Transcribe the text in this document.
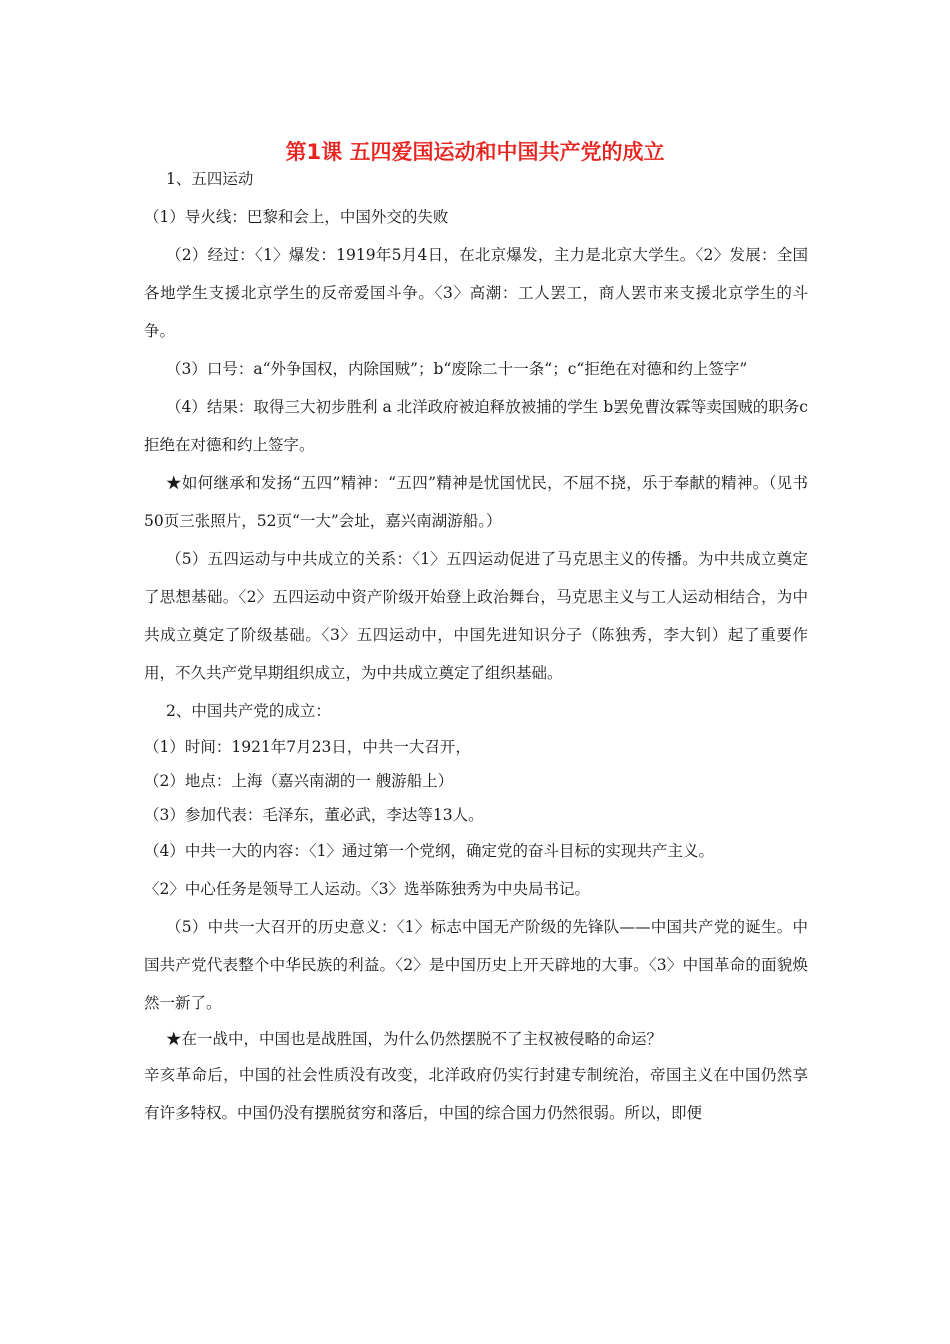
第1课 五四爱国运动和中国共产党的成立

1、五四运动

（1）导火线：巴黎和会上，中国外交的失败

（2）经过：〈1〉爆发：1919年5月4日，在北京爆发，主力是北京大学生。〈2〉发展：全国各地学生支援北京学生的反帝爱国斗争。〈3〉高潮：工人罢工，商人罢市来支援北京学生的斗争。

（3）口号：a“外争国权，内除国贼”；b“废除二十一条“；c“拒绝在对德和约上签字”

（4）结果：取得三大初步胜利 a 北洋政府被迫释放被捕的学生 b罢免曹汝霖等卖国贼的职务c拒绝在对德和约上签字。

★如何继承和发扬“五四”精神：“五四”精神是忧国忧民，不屈不挠，乐于奉献的精神。（见书50页三张照片，52页“一大”会址，嘉兴南湖游船。）

（5）五四运动与中共成立的关系：〈1〉五四运动促进了马克思主义的传播。为中共成立奠定了思想基础。〈2〉五四运动中资产阶级开始登上政治舞台，马克思主义与工人运动相结合，为中共成立奠定了阶级基础。〈3〉五四运动中，中国先进知识分子（陈独秀，李大钊）起了重要作用，不久共产党早期组织成立，为中共成立奠定了组织基础。

2、中国共产党的成立：

（1）时间：1921年7月23日，中共一大召开，

（2）地点：上海（嘉兴南湖的一 艘游船上）

（3）参加代表：毛泽东，董必武，李达等13人。

（4）中共一大的内容：〈1〉通过第一个党纲，确定党的奋斗目标的实现共产主义。

〈2〉中心任务是领导工人运动。〈3〉选举陈独秀为中央局书记。

（5）中共一大召开的历史意义：〈1〉标志中国无产阶级的先锋队——中国共产党的诞生。中国共产党代表整个中华民族的利益。〈2〉是中国历史上开天辟地的大事。〈3〉中国革命的面貌焕然一新了。

★在一战中，中国也是战胜国，为什么仍然摆脱不了主权被侵略的命运？

辛亥革命后，中国的社会性质没有改变，北洋政府仍实行封建专制统治，帝国主义在中国仍然享有许多特权。中国仍没有摆脱贫穷和落后，中国的综合国力仍然很弱。所以，即便
